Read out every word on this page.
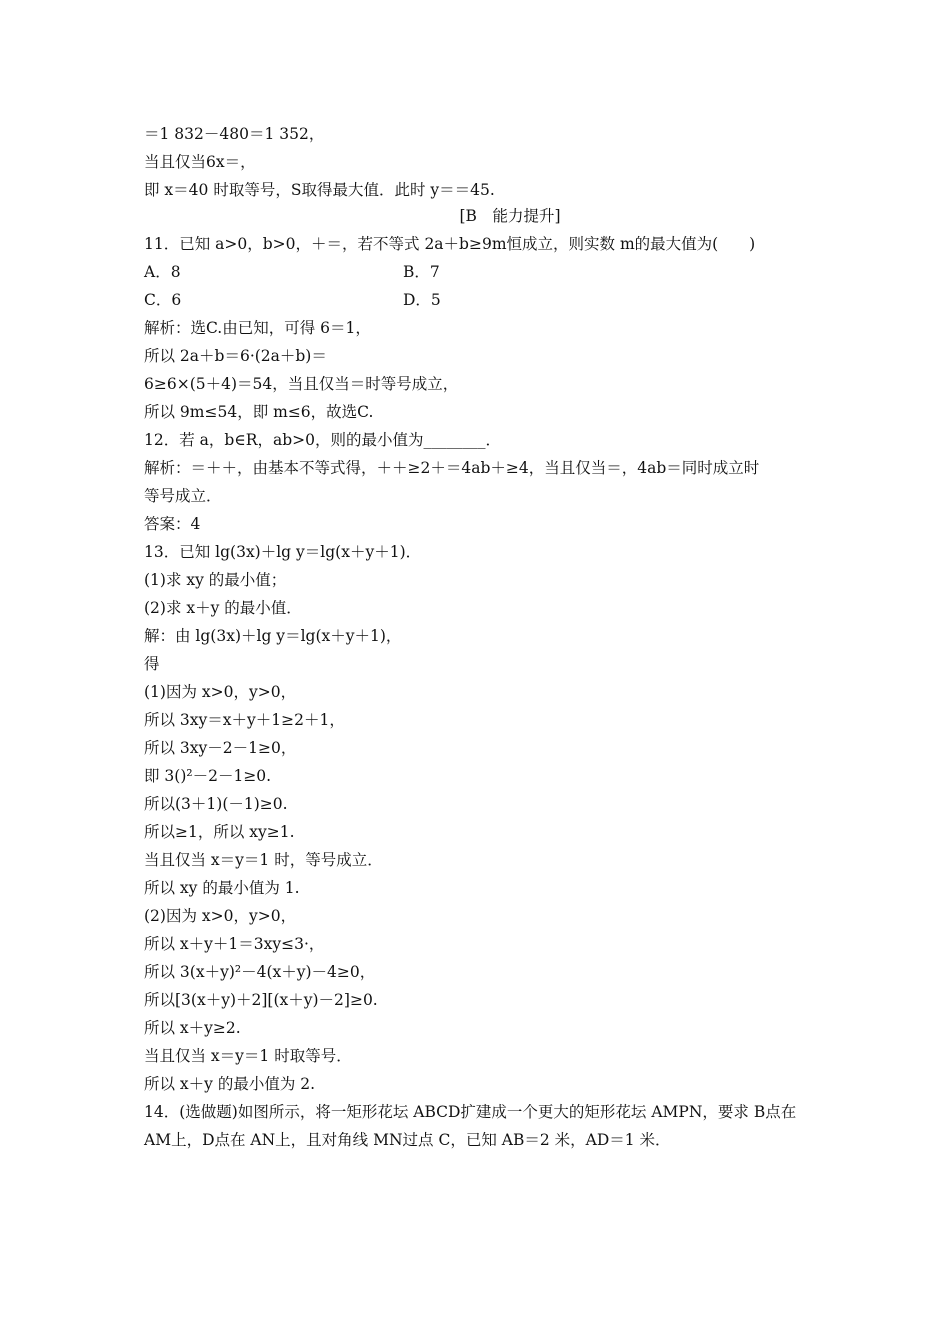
＝1 832－480＝1 352，
当且仅当6x＝，
即 x＝40 时取等号，S取得最大值．此时 y＝＝45.
[B　能力提升]
11．已知 a>0，b>0，＋＝，若不等式 2a＋b≥9m恒成立，则实数 m的最大值为(　　)
A．8	B．7
C．6	D．5
解析：选C.由已知，可得 6＝1，
所以 2a＋b＝6·(2a＋b)＝
6≥6×(5＋4)＝54，当且仅当＝时等号成立，
所以 9m≤54，即 m≤6，故选C.
12．若 a，b∈R，ab>0，则的最小值为________．
解析：＝＋＋，由基本不等式得，＋＋≥2＋＝4ab＋≥4，当且仅当＝，4ab＝同时成立时
等号成立．
答案：4
13．已知 lg(3x)＋lg y＝lg(x＋y＋1)．
(1)求 xy 的最小值；
(2)求 x＋y 的最小值．
解：由 lg(3x)＋lg y＝lg(x＋y＋1)，
得
(1)因为 x>0，y>0，
所以 3xy＝x＋y＋1≥2＋1，
所以 3xy－2－1≥0，
即 3()²－2－1≥0.
所以(3＋1)(－1)≥0.
所以≥1，所以 xy≥1.
当且仅当 x＝y＝1 时，等号成立．
所以 xy 的最小值为 1.
(2)因为 x>0，y>0，
所以 x＋y＋1＝3xy≤3·，
所以 3(x＋y)²－4(x＋y)－4≥0，
所以[3(x＋y)＋2][(x＋y)－2]≥0.
所以 x＋y≥2.
当且仅当 x＝y＝1 时取等号．
所以 x＋y 的最小值为 2.
14．(选做题)如图所示，将一矩形花坛 ABCD扩建成一个更大的矩形花坛 AMPN，要求 B点在
AM上，D点在 AN上，且对角线 MN过点 C，已知 AB＝2 米，AD＝1 米．
